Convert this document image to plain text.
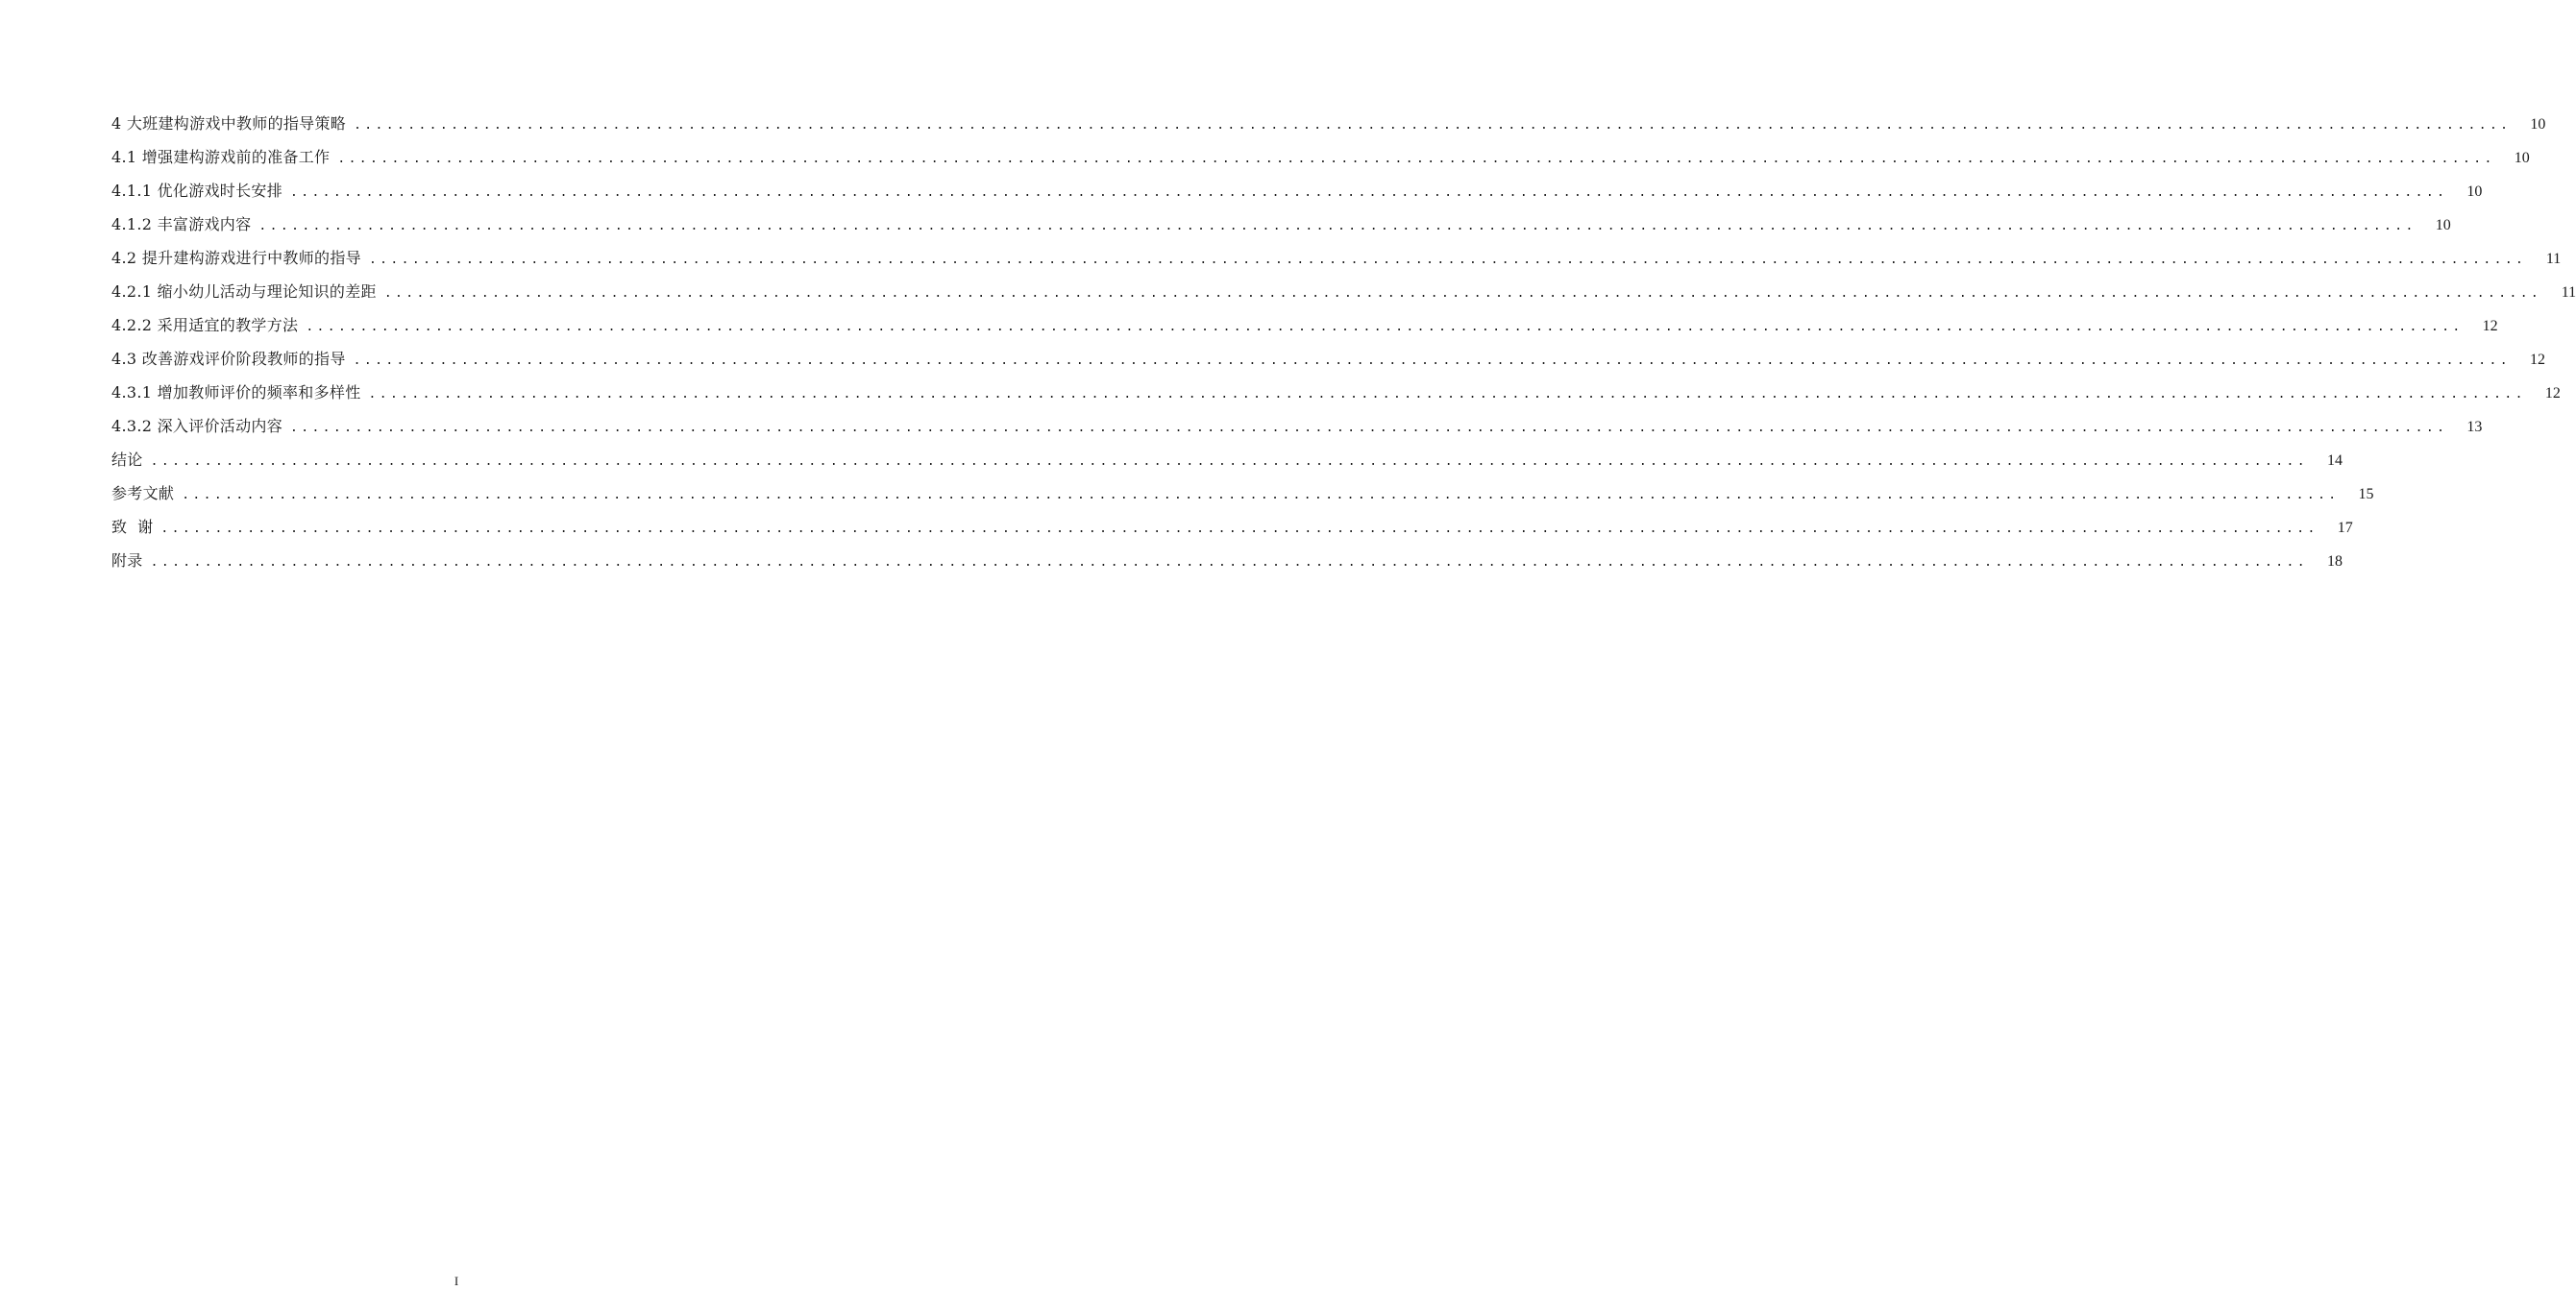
4 大班建构游戏中教师的指导策略 ........................................................................................................................................................................................................	10
4.1 增强建构游戏前的准备工作 ........................................................................................................................................................................................................	10
4.1.1 优化游戏时长安排 ........................................................................................................................................................................................................	10
4.1.2 丰富游戏内容 ........................................................................................................................................................................................................	10
4.2 提升建构游戏进行中教师的指导 ........................................................................................................................................................................................................	11
4.2.1 缩小幼儿活动与理论知识的差距 ........................................................................................................................................................................................................	11
4.2.2 采用适宜的教学方法 ........................................................................................................................................................................................................	12
4.3 改善游戏评价阶段教师的指导 ........................................................................................................................................................................................................	12
4.3.1 增加教师评价的频率和多样性 ........................................................................................................................................................................................................	12
4.3.2 深入评价活动内容 ........................................................................................................................................................................................................	13
结论 ........................................................................................................................................................................................................	14
参考文献 ........................................................................................................................................................................................................	15
致  谢 ........................................................................................................................................................................................................	17
附录 ........................................................................................................................................................................................................	18
I
